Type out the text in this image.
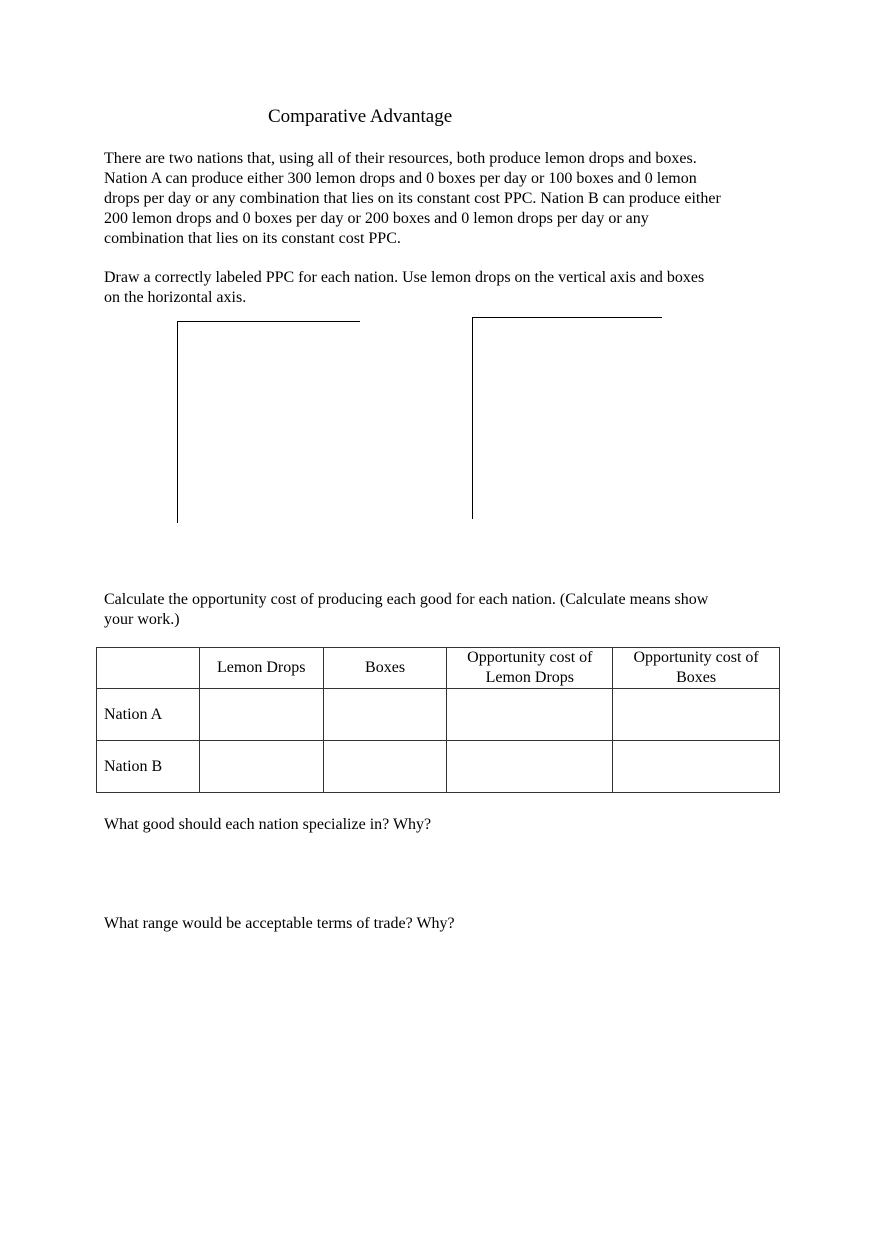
Comparative Advantage
There are two nations that, using all of their resources, both produce lemon drops and boxes.
Nation A can produce either 300 lemon drops and 0 boxes per day or 100 boxes and 0 lemon
drops per day or any combination that lies on its constant cost PPC. Nation B can produce either
200 lemon drops and 0 boxes per day or 200 boxes and 0 lemon drops per day or any
combination that lies on its constant cost PPC.
Draw a correctly labeled PPC for each nation. Use lemon drops on the vertical axis and boxes
on the horizontal axis.
Calculate the opportunity cost of producing each good for each nation. (Calculate means show
your work.)
	Lemon Drops	Boxes	Opportunity cost of
Lemon Drops	Opportunity cost of
Boxes
Nation A				
Nation B				
What good should each nation specialize in? Why?
What range would be acceptable terms of trade? Why?
